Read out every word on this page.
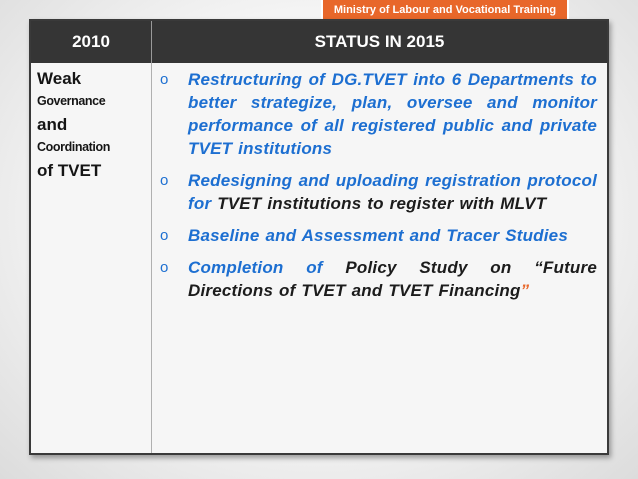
Ministry of Labour and Vocational Training
2010	STATUS IN 2015
Weak
Governance
and
Coordination
of TVET
o	Restructuring of DG.TVET into 6 Departments to better strategize, plan, oversee and monitor performance of all registered public and private TVET institutions
o	Redesigning and uploading registration protocol for TVET institutions to register with MLVT
o	Baseline and Assessment and Tracer Studies
o	Completion of Policy Study on “Future Directions of TVET and TVET Financing”
